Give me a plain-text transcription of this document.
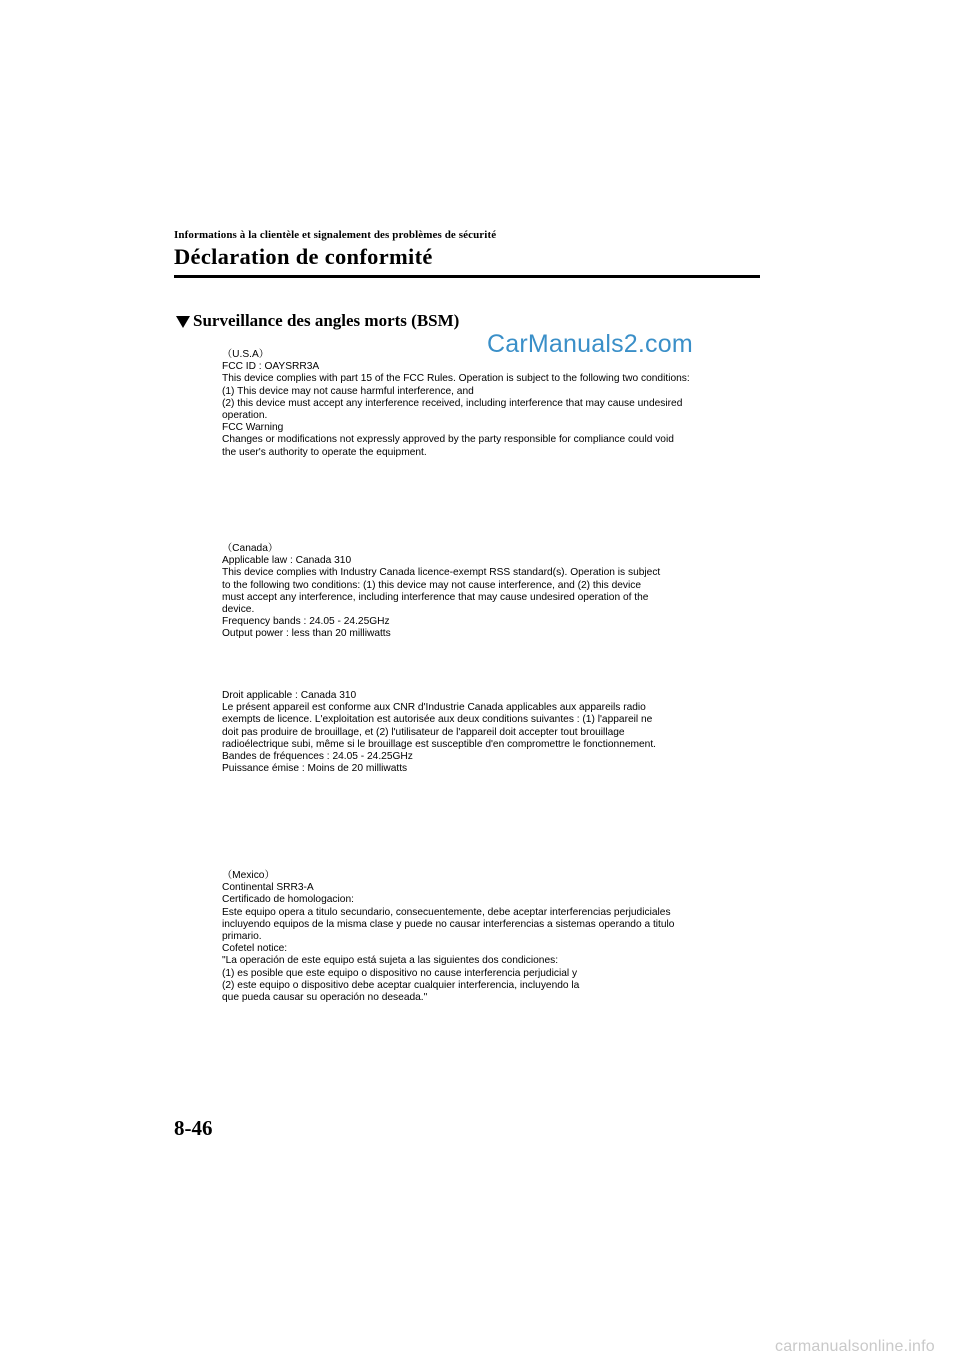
Informations à la clientèle et signalement des problèmes de sécurité
Déclaration de conformité
Surveillance des angles morts (BSM)
CarManuals2.com
（U.S.A）
FCC ID : OAYSRR3A
This device complies with part 15 of the FCC Rules. Operation is subject to the following two conditions:
(1) This device may not cause harmful interference, and
(2) this device must accept any interference received, including interference that may cause undesired
operation.
FCC Warning
Changes or modifications not expressly approved by the party responsible for compliance could void
the user's authority to operate the equipment.
（Canada）
Applicable law : Canada 310
This device complies with Industry Canada licence-exempt RSS standard(s). Operation is subject
to the following two conditions: (1) this device may not cause interference, and (2) this device
must accept any interference, including interference that may cause undesired operation of the
device.
Frequency bands : 24.05 - 24.25GHz
Output power : less than 20 milliwatts
Droit applicable : Canada 310
Le présent appareil est conforme aux CNR d'Industrie Canada applicables aux appareils radio
exempts de licence. L'exploitation est autorisée aux deux conditions suivantes : (1) l'appareil ne
doit pas produire de brouillage, et (2) l'utilisateur de l'appareil doit accepter tout brouillage
radioélectrique subi, même si le brouillage est susceptible d'en compromettre le fonctionnement.
Bandes de fréquences : 24.05 - 24.25GHz
Puissance émise : Moins de 20 milliwatts
（Mexico）
Continental SRR3-A
Certificado de homologacion:
Este equipo opera a titulo secundario, consecuentemente, debe aceptar interferencias perjudiciales
incluyendo equipos de la misma clase y puede no causar interferencias a sistemas operando a titulo
primario.
Cofetel notice:
"La operación de este equipo está sujeta a las siguientes dos condiciones:
(1) es posible que este equipo o dispositivo no cause interferencia perjudicial y
(2) este equipo o dispositivo debe aceptar cualquier interferencia, incluyendo la
que pueda causar su operación no deseada."
8-46
carmanualsonline.info
